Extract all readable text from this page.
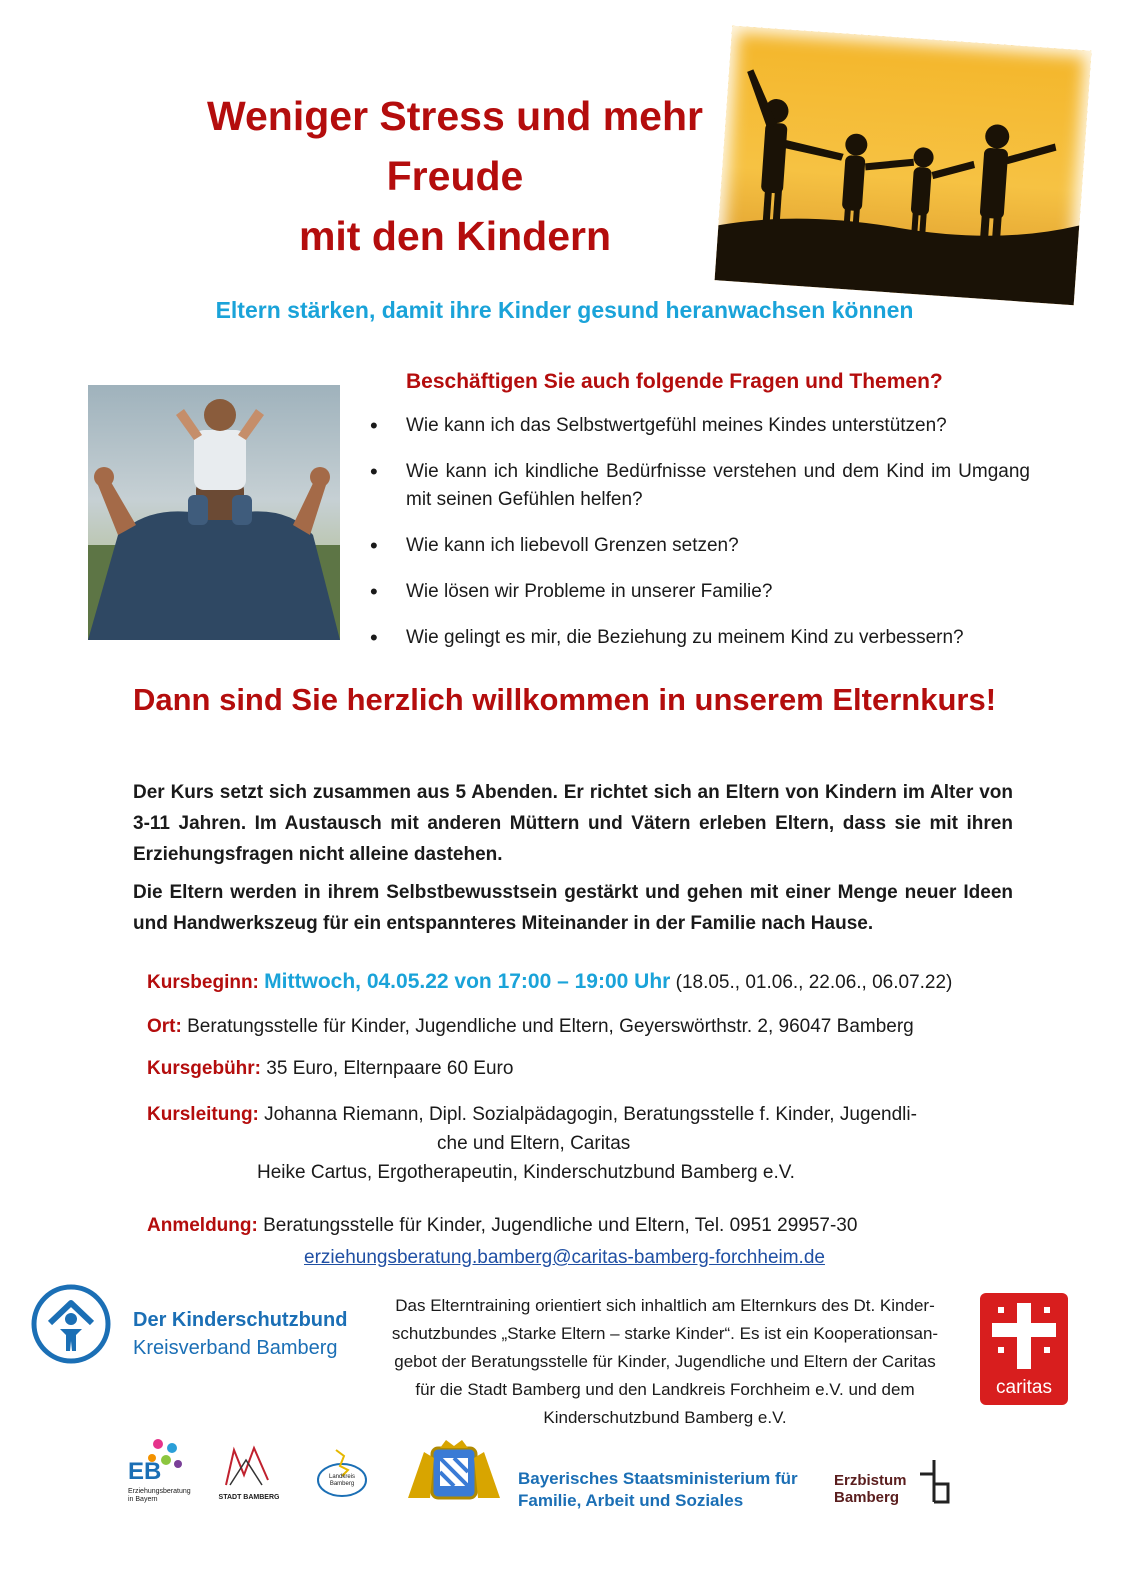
Weniger Stress und mehr
Freude
mit den Kindern
Eltern stärken, damit ihre Kinder gesund heranwachsen können
Beschäftigen Sie auch folgende Fragen und Themen?
• Wie kann ich das Selbstwertgefühl meines Kindes unterstützen?
• Wie kann ich kindliche Bedürfnisse verstehen und dem Kind im Umgang mit seinen Gefühlen helfen?
• Wie kann ich liebevoll Grenzen setzen?
• Wie lösen wir Probleme in unserer Familie?
• Wie gelingt es mir, die Beziehung zu meinem Kind zu verbessern?
Dann sind Sie herzlich willkommen in unserem Elternkurs!
Der Kurs setzt sich zusammen aus 5 Abenden. Er richtet sich an Eltern von Kindern im Alter von 3-11 Jahren. Im Austausch mit anderen Müttern und Vätern erleben Eltern, dass sie mit ihren Erziehungsfragen nicht alleine dastehen.
Die Eltern werden in ihrem Selbstbewusstsein gestärkt und gehen mit einer Menge neuer Ideen und Handwerkszeug für ein entspannteres Miteinander in der Familie nach Hause.
Kursbeginn: Mittwoch, 04.05.22 von 17:00 – 19:00 Uhr (18.05., 01.06., 22.06., 06.07.22)
Ort: Beratungsstelle für Kinder, Jugendliche und Eltern, Geyerswörthstr. 2, 96047 Bamberg
Kursgebühr: 35 Euro, Elternpaare 60 Euro
Kursleitung: Johanna Riemann, Dipl. Sozialpädagogin, Beratungsstelle f. Kinder, Jugendli-
che und Eltern, Caritas
Heike Cartus, Ergotherapeutin, Kinderschutzbund Bamberg e.V.
Anmeldung: Beratungsstelle für Kinder, Jugendliche und Eltern, Tel. 0951 29957-30
erziehungsberatung.bamberg@caritas-bamberg-forchheim.de
Der Kinderschutzbund
Kreisverband Bamberg
Das Elterntraining orientiert sich inhaltlich am Elternkurs des Dt. Kinder-
schutzbundes „Starke Eltern – starke Kinder“. Es ist ein Kooperationsan-
gebot der Beratungsstelle für Kinder, Jugendliche und Eltern der Caritas
für die Stadt Bamberg und den Landkreis Forchheim e.V. und dem
Kinderschutzbund Bamberg e.V.
caritas
EB
Erziehungsberatung in Bayern	STADT BAMBERG
Landkreis Bamberg	Bayerisches Staatsministerium für
Familie, Arbeit und Soziales
Erzbistum
Bamberg
